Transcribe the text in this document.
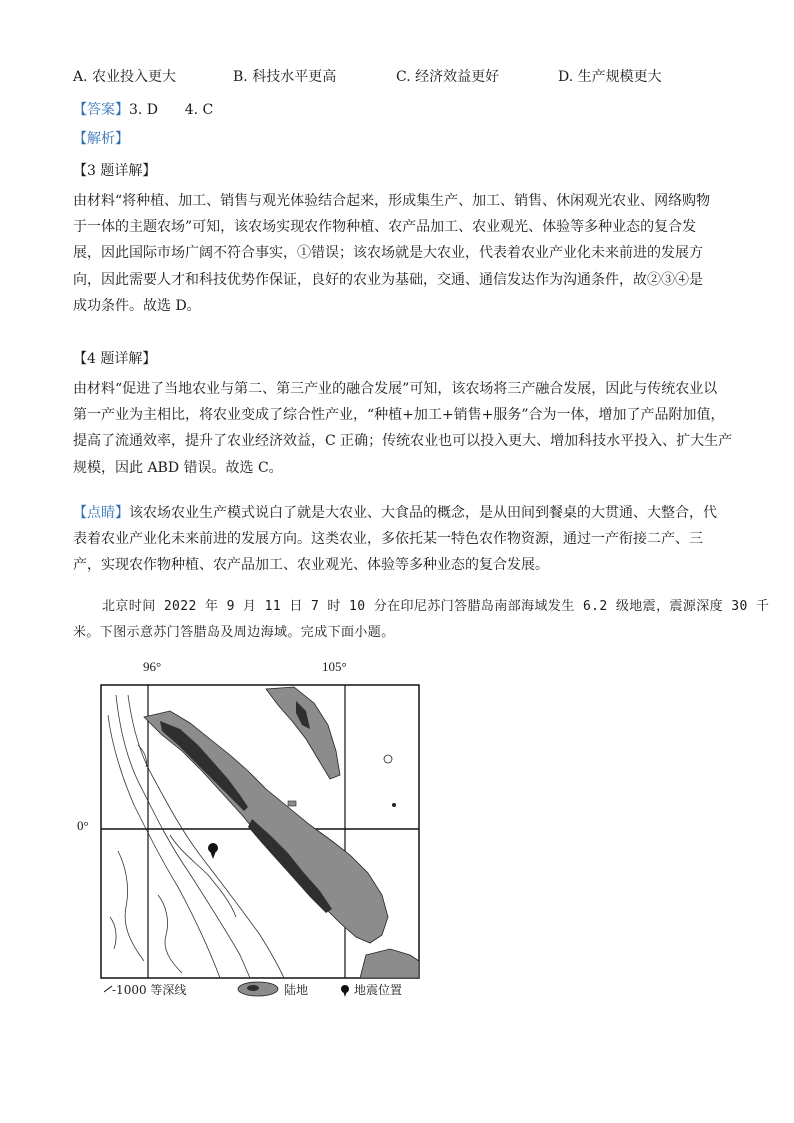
A. 农业投入更大	B. 科技水平更高	C. 经济效益更好	D. 生产规模更大
【答案】3. D 4. C
【解析】
【3 题详解】
由材料“将种植、加工、销售与观光体验结合起来，形成集生产、加工、销售、休闲观光农业、网络购物
于一体的主题农场”可知，该农场实现农作物种植、农产品加工、农业观光、体验等多种业态的复合发
展，因此国际市场广阔不符合事实，①错误；该农场就是大农业，代表着农业产业化未来前进的发展方
向，因此需要人才和科技优势作保证，良好的农业为基础，交通、通信发达作为沟通条件，故②③④是
成功条件。故选 D。
【4 题详解】
由材料“促进了当地农业与第二、第三产业的融合发展”可知，该农场将三产融合发展，因此与传统农业以
第一产业为主相比，将农业变成了综合性产业，“种植+加工+销售+服务”合为一体，增加了产品附加值，
提高了流通效率，提升了农业经济效益，C 正确；传统农业也可以投入更大、增加科技水平投入、扩大生产
规模，因此 ABD 错误。故选 C。
【点睛】该农场农业生产模式说白了就是大农业、大食品的概念，是从田间到餐桌的大贯通、大整合，代
表着农业产业化未来前进的发展方向。这类农业，多依托某一特色农作物资源，通过一产衔接二产、三
产，实现农作物种植、农产品加工、农业观光、体验等多种业态的复合发展。
北京时间 2022 年 9 月 11 日 7 时 10 分在印尼苏门答腊岛南部海域发生 6.2 级地震，震源深度 30 千
米。下图示意苏门答腊岛及周边海域。完成下面小题。
96°	105°
0°
-1000 等深线	陆地	地震位置
